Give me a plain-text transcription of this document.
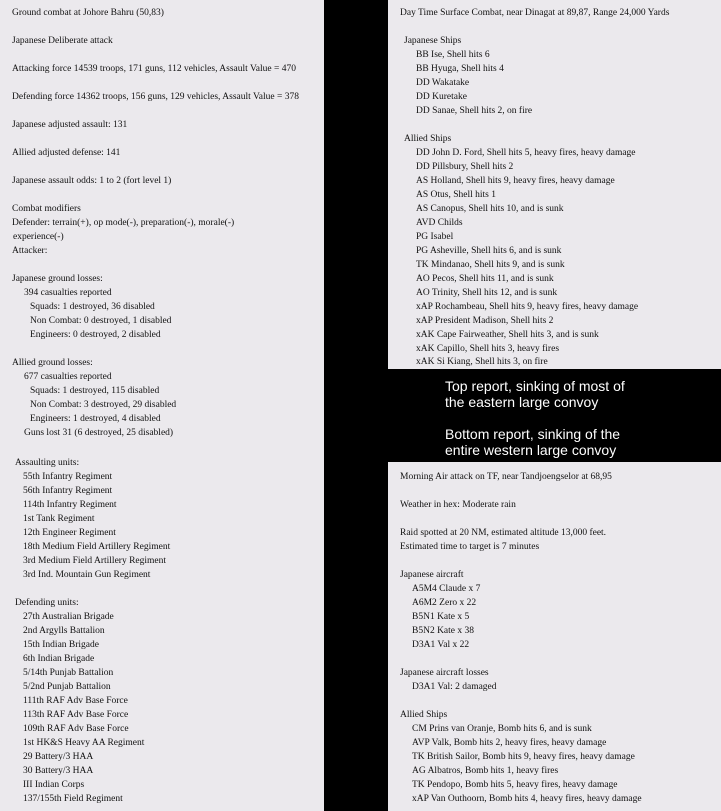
Ground combat at Johore Bahru (50,83)
Japanese Deliberate attack
Attacking force 14539 troops, 171 guns, 112 vehicles, Assault Value = 470
Defending force 14362 troops, 156 guns, 129 vehicles, Assault Value = 378
Japanese adjusted assault: 131
Allied adjusted defense: 141
Japanese assault odds: 1 to 2 (fort level 1)
Combat modifiers
Defender: terrain(+), op mode(-), preparation(-), morale(-)
experience(-)
Attacker:
Japanese ground losses:
394 casualties reported
Squads: 1 destroyed, 36 disabled
Non Combat: 0 destroyed, 1 disabled
Engineers: 0 destroyed, 2 disabled
Allied ground losses:
677 casualties reported
Squads: 1 destroyed, 115 disabled
Non Combat: 3 destroyed, 29 disabled
Engineers: 1 destroyed, 4 disabled
Guns lost 31 (6 destroyed, 25 disabled)
Assaulting units:
55th Infantry Regiment
56th Infantry Regiment
114th Infantry Regiment
1st Tank Regiment
12th Engineer Regiment
18th Medium Field Artillery Regiment
3rd Medium Field Artillery Regiment
3rd Ind. Mountain Gun Regiment
Defending units:
27th Australian Brigade
2nd Argylls Battalion
15th Indian Brigade
6th Indian Brigade
5/14th Punjab Battalion
5/2nd Punjab Battalion
111th RAF Adv Base Force
113th RAF Adv Base Force
109th RAF Adv Base Force
1st HK&S Heavy AA Regiment
29 Battery/3 HAA
30 Battery/3 HAA
III Indian Corps
137/155th Field Regiment
Day Time Surface Combat, near Dinagat at 89,87, Range 24,000 Yards
Japanese Ships
BB Ise, Shell hits 6
BB Hyuga, Shell hits 4
DD Wakatake
DD Kuretake
DD Sanae, Shell hits 2, on fire
Allied Ships
DD John D. Ford, Shell hits 5, heavy fires, heavy damage
DD Pillsbury, Shell hits 2
AS Holland, Shell hits 9, heavy fires, heavy damage
AS Otus, Shell hits 1
AS Canopus, Shell hits 10, and is sunk
AVD Childs
PG Isabel
PG Asheville, Shell hits 6, and is sunk
TK Mindanao, Shell hits 9, and is sunk
AO Pecos, Shell hits 11, and is sunk
AO Trinity, Shell hits 12, and is sunk
xAP Rochambeau, Shell hits 9, heavy fires, heavy damage
xAP President Madison, Shell hits 2
xAK Cape Fairweather, Shell hits 3, and is sunk
xAK Capillo, Shell hits 3, heavy fires
xAK Si Kiang, Shell hits 3, on fire
Top report, sinking of most of
the eastern large convoy
Bottom report, sinking of the
entire western large convoy
Morning Air attack on TF, near Tandjoengselor at 68,95
Weather in hex: Moderate rain
Raid spotted at 20 NM, estimated altitude 13,000 feet.
Estimated time to target is 7 minutes
Japanese aircraft
A5M4 Claude x 7
A6M2 Zero x 22
B5N1 Kate x 5
B5N2 Kate x 38
D3A1 Val x 22
Japanese aircraft losses
D3A1 Val: 2 damaged
Allied Ships
CM Prins van Oranje, Bomb hits 6, and is sunk
AVP Valk, Bomb hits 2, heavy fires, heavy damage
TK British Sailor, Bomb hits 9, heavy fires, heavy damage
AG Albatros, Bomb hits 1, heavy fires
TK Pendopo, Bomb hits 5, heavy fires, heavy damage
xAP Van Outhoorn, Bomb hits 4, heavy fires, heavy damage
